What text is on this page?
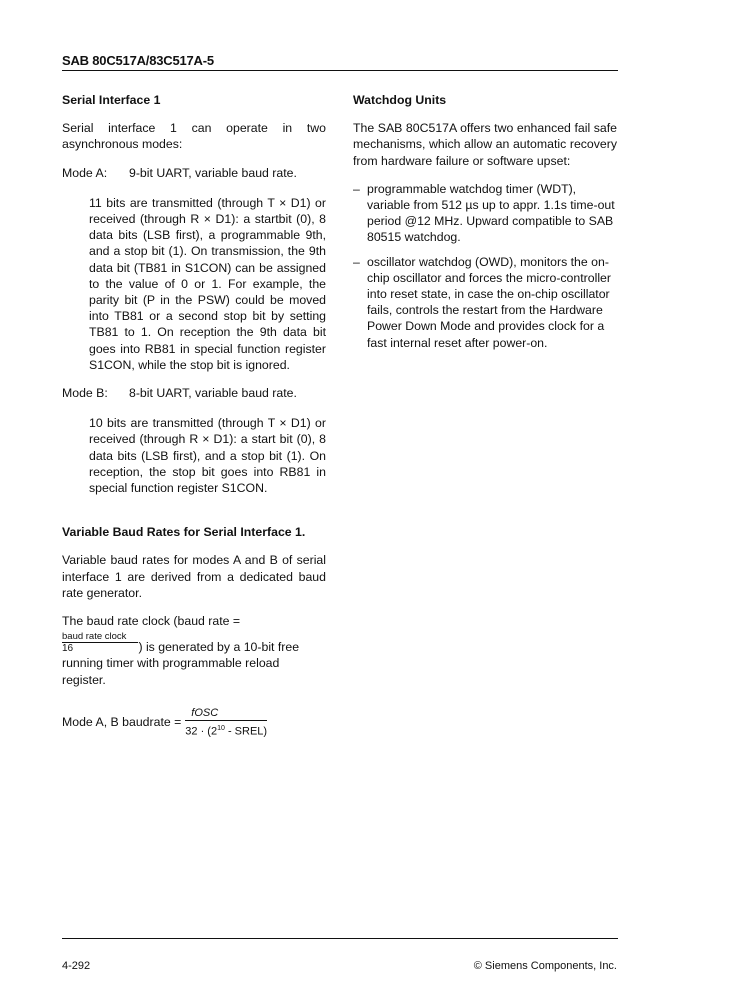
SAB 80C517A/83C517A-5
Serial Interface 1

Serial interface 1 can operate in two asynchronous modes:

Mode A: 9-bit UART, variable baud rate.

11 bits are transmitted (through T × D1) or received (through R × D1): a startbit (0), 8 data bits (LSB first), a programmable 9th, and a stop bit (1). On transmission, the 9th data bit (TB81 in S1CON) can be assigned to the value of 0 or 1. For example, the parity bit (P in the PSW) could be moved into TB81 or a second stop bit by setting TB81 to 1. On reception the 9th data bit goes into RB81 in special function register S1CON, while the stop bit is ignored.

Mode B: 8-bit UART, variable baud rate.

10 bits are transmitted (through T × D1) or received (through R × D1): a start bit (0), 8 data bits (LSB first), and a stop bit (1). On reception, the stop bit goes into RB81 in special function register S1CON.

Variable Baud Rates for Serial Interface 1.

Variable baud rates for modes A and B of serial interface 1 are derived from a dedicated baud rate generator.

The baud rate clock (baud rate =

$\frac{\text{baud rate clock}}{16}$ ) is generated by a 10-bit free running timer with programmable reload register.
Mode A, B baudrate = $\frac{\text{fOSC}}{32 \cdot (2^{10} - SREL)}$
Watchdog Units

The SAB 80C517A offers two enhanced fail safe mechanisms, which allow an automatic recovery from hardware failure or software upset:

– programmable watchdog timer (WDT), variable from 512 µs up to appr. 1.1s time-out period @12 MHz. Upward compatible to SAB 80515 watchdog.
– oscillator watchdog (OWD), monitors the on-chip oscillator and forces the micro-controller into reset state, in case the on-chip oscillator fails, controls the restart from the Hardware Power Down Mode and provides clock for a fast internal reset after power-on.
4-292	© Siemens Components, Inc.
